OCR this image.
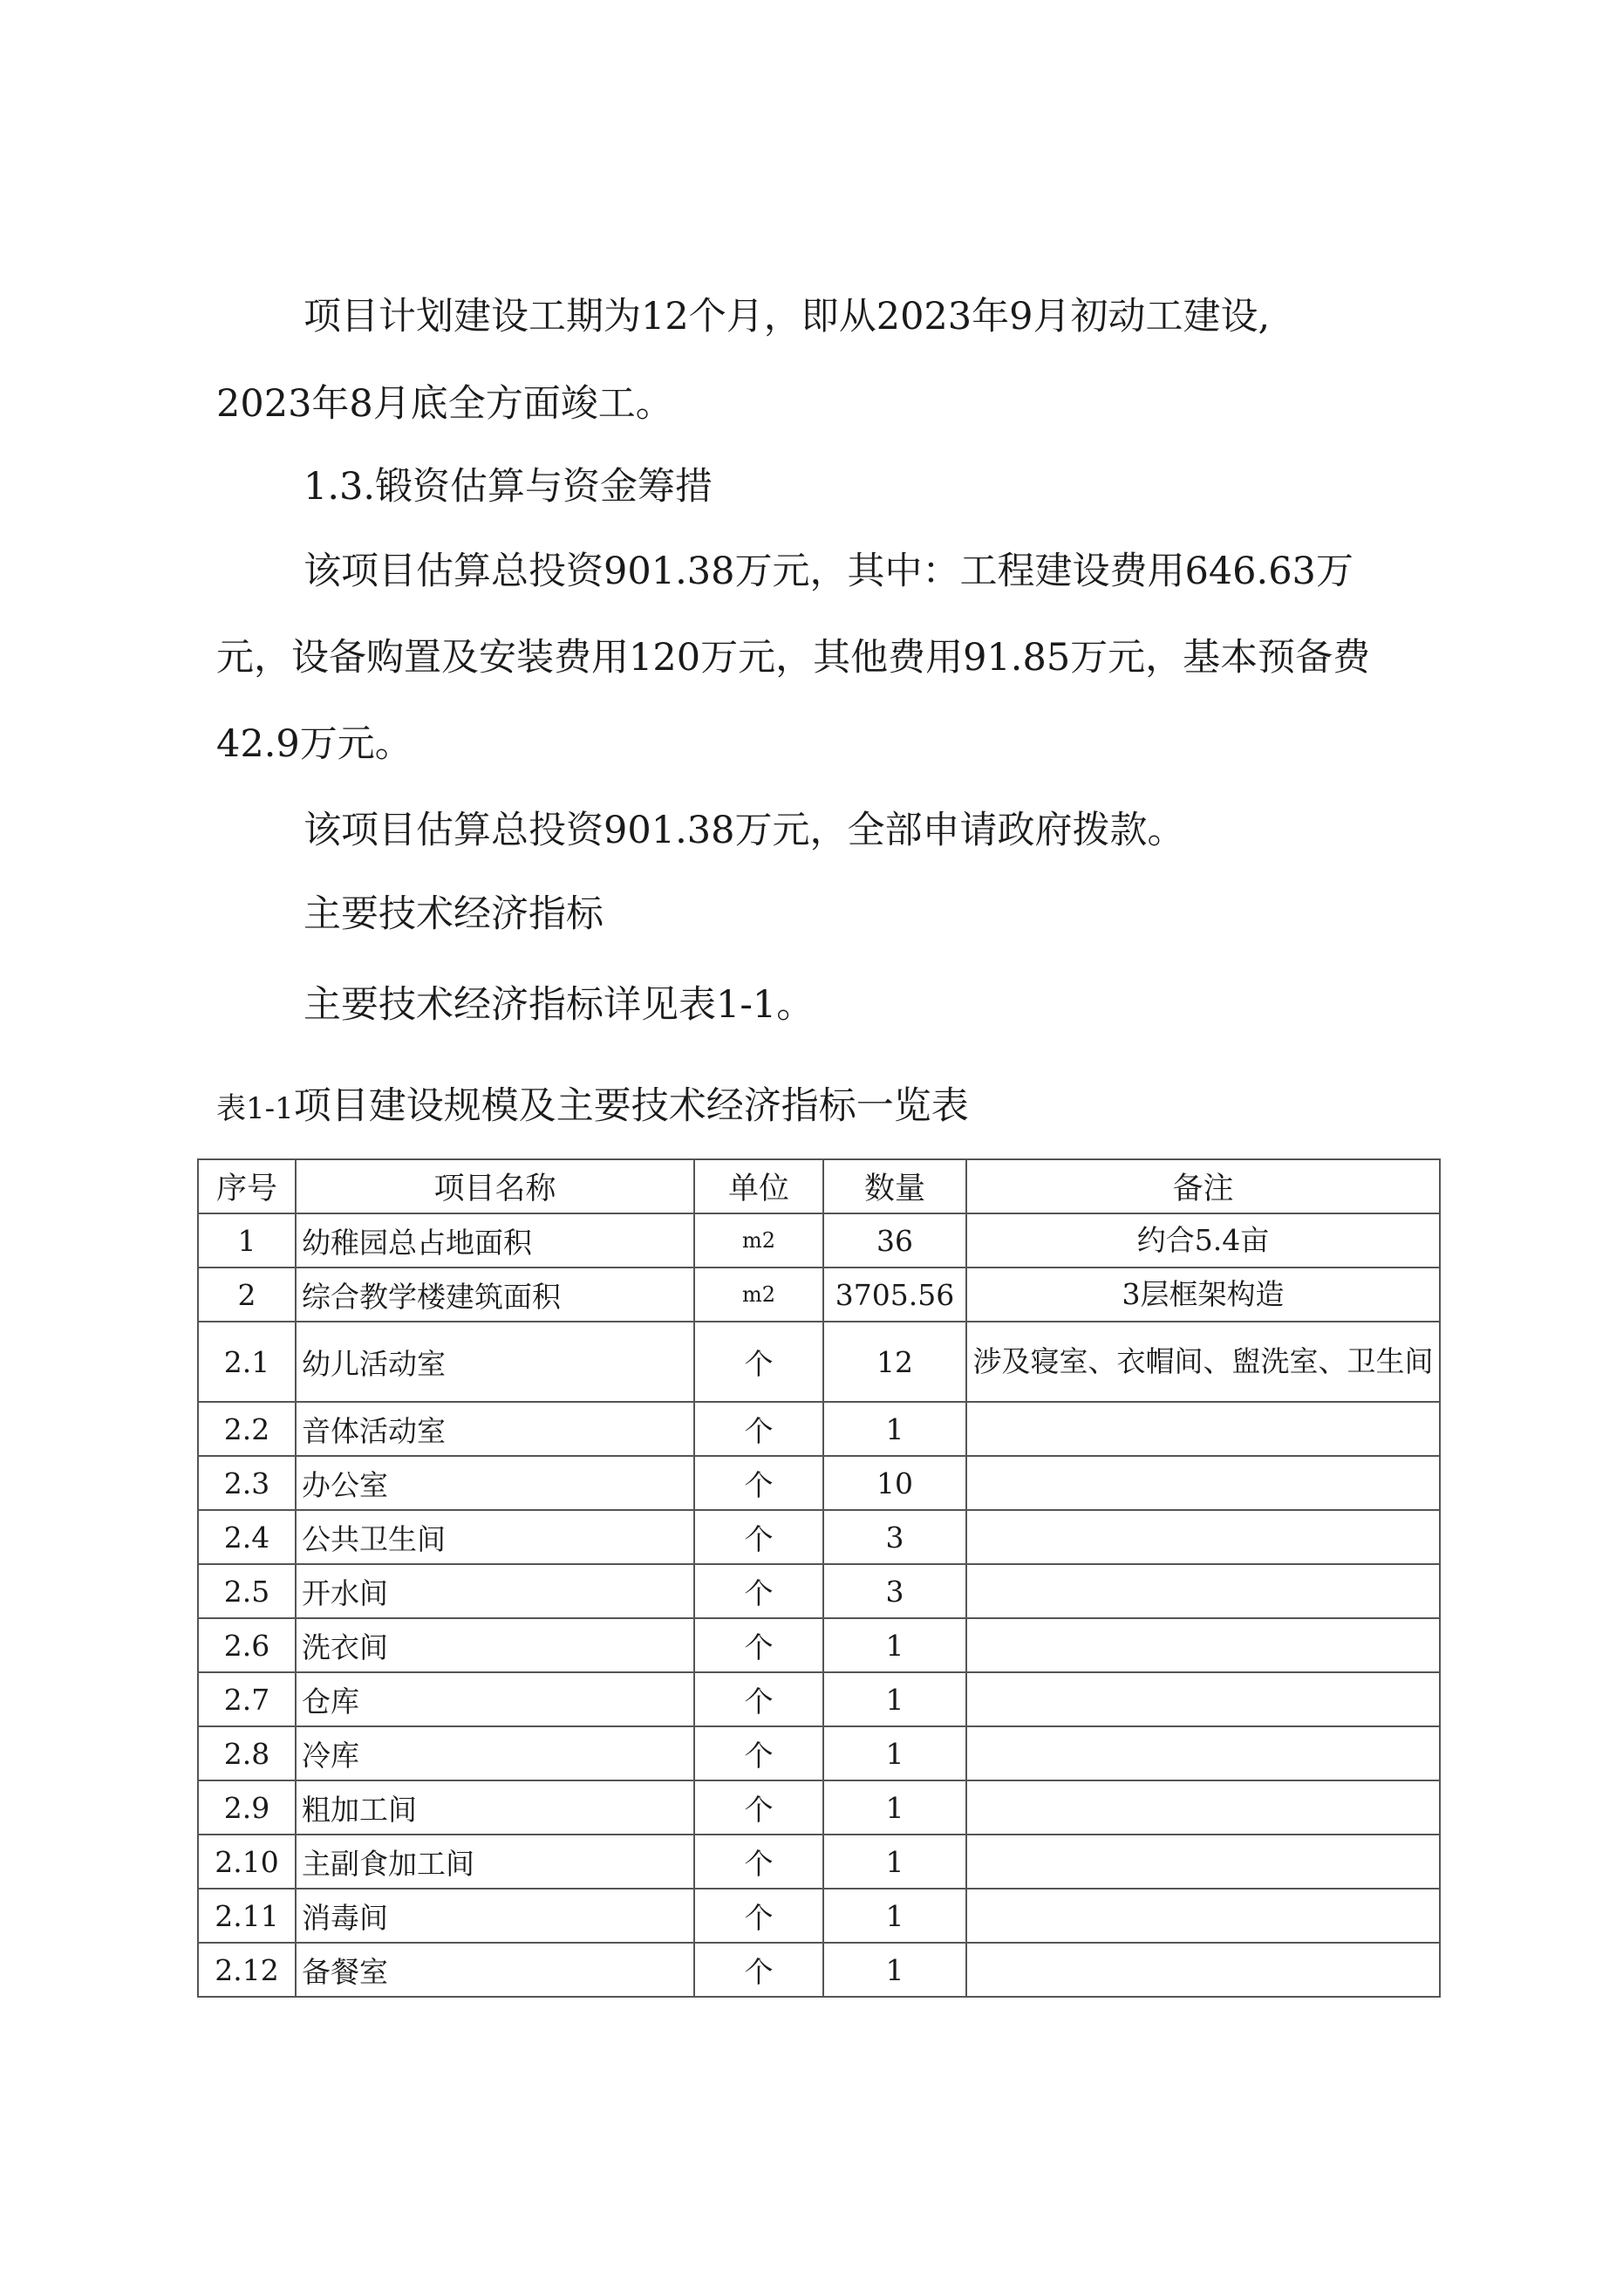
项目计划建设工期为12个月，即从2023年9月初动工建设,

2023年8月底全方面竣工。

1.3.锻资估算与资金筹措

该项目估算总投资901.38万元，其中：工程建设费用646.63万

元，设备购置及安装费用120万元，其他费用91.85万元，基本预备费

42.9万元。

该项目估算总投资901.38万元，全部申请政府拨款。

主要技术经济指标

主要技术经济指标详见表1-1。

表1-1项目建设规模及主要技术经济指标一览表
序号	项目名称	单位	数量	备注
1	幼稚园总占地面积	m2	36	约合5.4亩
2	综合教学楼建筑面积	m2	3705.56	3层框架构造
2.1	幼儿活动室	个	12	涉及寝室、衣帽间、盥洗室、卫生间
2.2	音体活动室	个	1	
2.3	办公室	个	10	
2.4	公共卫生间	个	3	
2.5	开水间	个	3	
2.6	洗衣间	个	1	
2.7	仓库	个	1	
2.8	冷库	个	1	
2.9	粗加工间	个	1	
2.10	主副食加工间	个	1	
2.11	消毒间	个	1	
2.12	备餐室	个	1	
